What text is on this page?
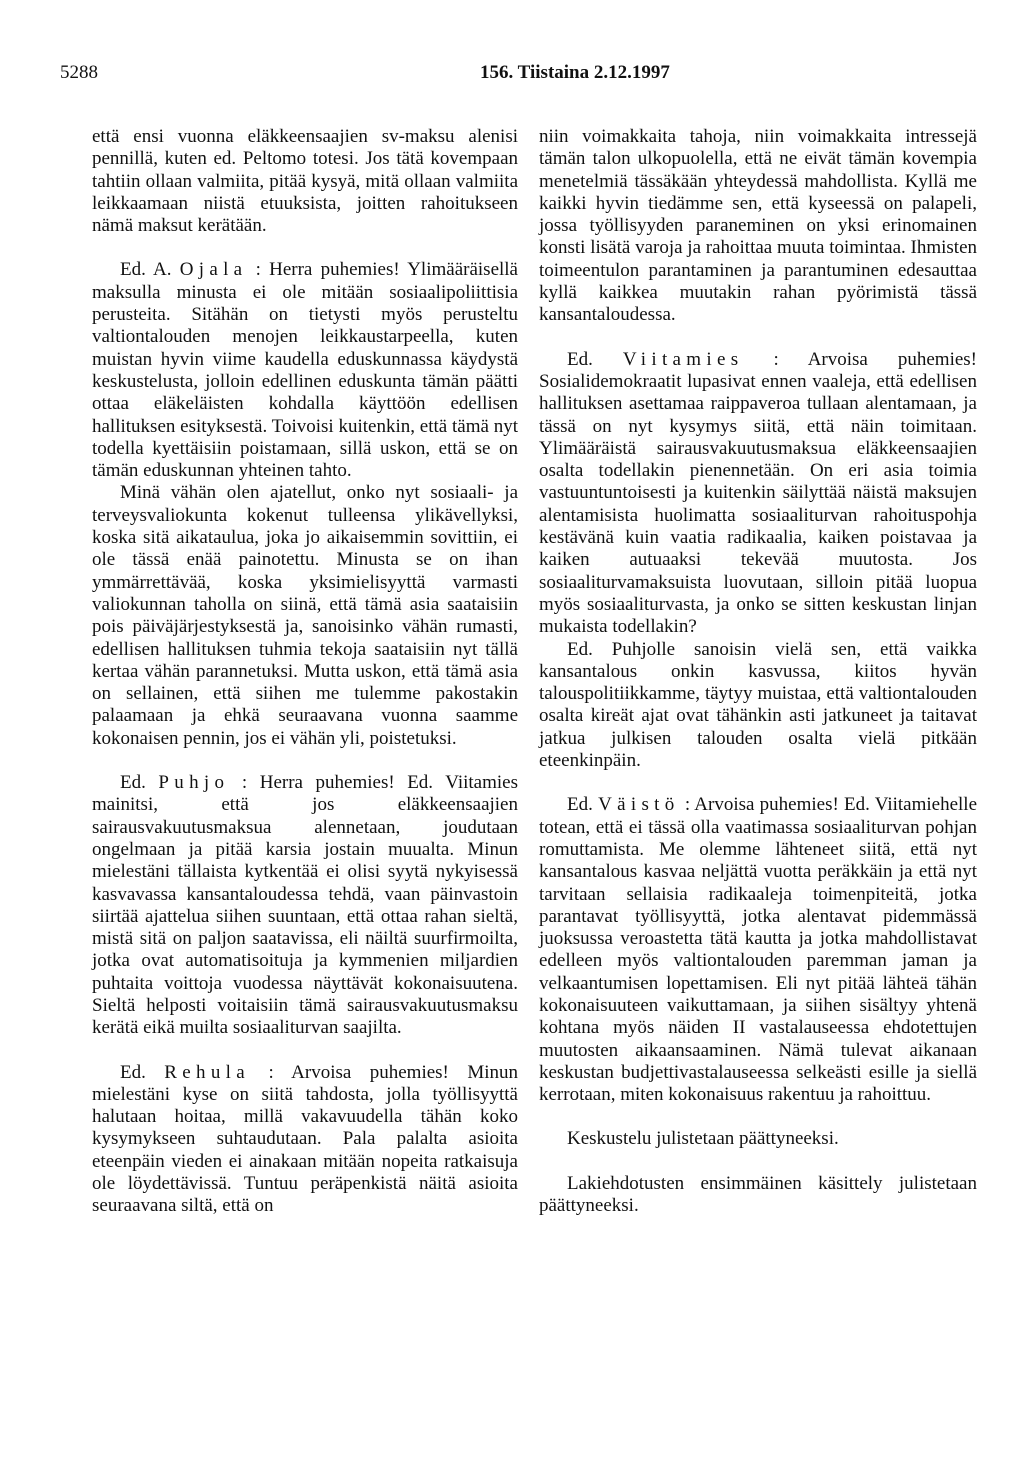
5288	156. Tiistaina 2.12.1997

että ensi vuonna eläkkeensaajien sv-maksu alenisi pennillä, kuten ed. Peltomo totesi. Jos tätä kovempaan tahtiin ollaan valmiita, pitää kysyä, mitä ollaan valmiita leikkaamaan niistä etuuksista, joitten rahoitukseen nämä maksut kerätään.

Ed. A. Ojala : Herra puhemies! Ylimääräisellä maksulla minusta ei ole mitään sosiaalipoliittisia perusteita. Sitähän on tietysti myös perusteltu valtiontalouden menojen leikkaustarpeella, kuten muistan hyvin viime kaudella eduskunnassa käydystä keskustelusta, jolloin edellinen eduskunta tämän päätti ottaa eläkeläisten kohdalla käyttöön edellisen hallituksen esityksestä. Toivoisi kuitenkin, että tämä nyt todella kyettäisiin poistamaan, sillä uskon, että se on tämän eduskunnan yhteinen tahto.

Minä vähän olen ajatellut, onko nyt sosiaali- ja terveysvaliokunta kokenut tulleensa ylikävellyksi, koska sitä aikataulua, joka jo aikaisemmin sovittiin, ei ole tässä enää painotettu. Minusta se on ihan ymmärrettävää, koska yksimielisyyttä varmasti valiokunnan taholla on siinä, että tämä asia saataisiin pois päiväjärjestyksestä ja, sanoisinko vähän rumasti, edellisen hallituksen tuhmia tekoja saataisiin nyt tällä kertaa vähän parannetuksi. Mutta uskon, että tämä asia on sellainen, että siihen me tulemme pakostakin palaamaan ja ehkä seuraavana vuonna saamme kokonaisen pennin, jos ei vähän yli, poistetuksi.

Ed. Puhjo : Herra puhemies! Ed. Viitamies mainitsi, että jos eläkkeensaajien sairausvakuutusmaksua alennetaan, joudutaan ongelmaan ja pitää karsia jostain muualta. Minun mielestäni tällaista kytkentää ei olisi syytä nykyisessä kasvavassa kansantaloudessa tehdä, vaan päinvastoin siirtää ajattelua siihen suuntaan, että ottaa rahan sieltä, mistä sitä on paljon saatavissa, eli näiltä suurfirmoilta, jotka ovat automatisoituja ja kymmenien miljardien puhtaita voittoja vuodessa näyttävät kokonaisuutena. Sieltä helposti voitaisiin tämä sairausvakuutusmaksu kerätä eikä muilta sosiaaliturvan saajilta.

Ed. Rehula : Arvoisa puhemies! Minun mielestäni kyse on siitä tahdosta, jolla työllisyyttä halutaan hoitaa, millä vakavuudella tähän koko kysymykseen suhtaudutaan. Pala palalta asioita eteenpäin vieden ei ainakaan mitään nopeita ratkaisuja ole löydettävissä. Tuntuu peräpenkistä näitä asioita seuraavana siltä, että on

niin voimakkaita tahoja, niin voimakkaita intressejä tämän talon ulkopuolella, että ne eivät tämän kovempia menetelmiä tässäkään yhteydessä mahdollista. Kyllä me kaikki hyvin tiedämme sen, että kyseessä on palapeli, jossa työllisyyden paraneminen on yksi erinomainen konsti lisätä varoja ja rahoittaa muuta toimintaa. Ihmisten toimeentulon parantaminen ja parantuminen edesauttaa kyllä kaikkea muutakin rahan pyörimistä tässä kansantaloudessa.

Ed. Viitamies : Arvoisa puhemies! Sosialidemokraatit lupasivat ennen vaaleja, että edellisen hallituksen asettamaa raippaveroa tullaan alentamaan, ja tässä on nyt kysymys siitä, että näin toimitaan. Ylimääräistä sairausvakuutusmaksua eläkkeensaajien osalta todellakin pienennetään. On eri asia toimia vastuuntuntoisesti ja kuitenkin säilyttää näistä maksujen alentamisista huolimatta sosiaaliturvan rahoituspohja kestävänä kuin vaatia radikaalia, kaiken poistavaa ja kaiken autuaaksi tekevää muutosta. Jos sosiaaliturvamaksuista luovutaan, silloin pitää luopua myös sosiaaliturvasta, ja onko se sitten keskustan linjan mukaista todellakin?

Ed. Puhjolle sanoisin vielä sen, että vaikka kansantalous onkin kasvussa, kiitos hyvän talouspolitiikkamme, täytyy muistaa, että valtiontalouden osalta kireät ajat ovat tähänkin asti jatkuneet ja taitavat jatkua julkisen talouden osalta vielä pitkään eteenkinpäin.

Ed. Väistö : Arvoisa puhemies! Ed. Viitamiehelle totean, että ei tässä olla vaatimassa sosiaaliturvan pohjan romuttamista. Me olemme lähteneet siitä, että nyt kansantalous kasvaa neljättä vuotta peräkkäin ja että nyt tarvitaan sellaisia radikaaleja toimenpiteitä, jotka parantavat työllisyyttä, jotka alentavat pidemmässä juoksussa veroastetta tätä kautta ja jotka mahdollistavat edelleen myös valtiontalouden paremman jaman ja velkaantumisen lopettamisen. Eli nyt pitää lähteä tähän kokonaisuuteen vaikuttamaan, ja siihen sisältyy yhtenä kohtana myös näiden II vastalauseessa ehdotettujen muutosten aikaansaaminen. Nämä tulevat aikanaan keskustan budjettivastalauseessa selkeästi esille ja siellä kerrotaan, miten kokonaisuus rakentuu ja rahoittuu.

Keskustelu julistetaan päättyneeksi.

Lakiehdotusten ensimmäinen käsittely julistetaan päättyneeksi.
